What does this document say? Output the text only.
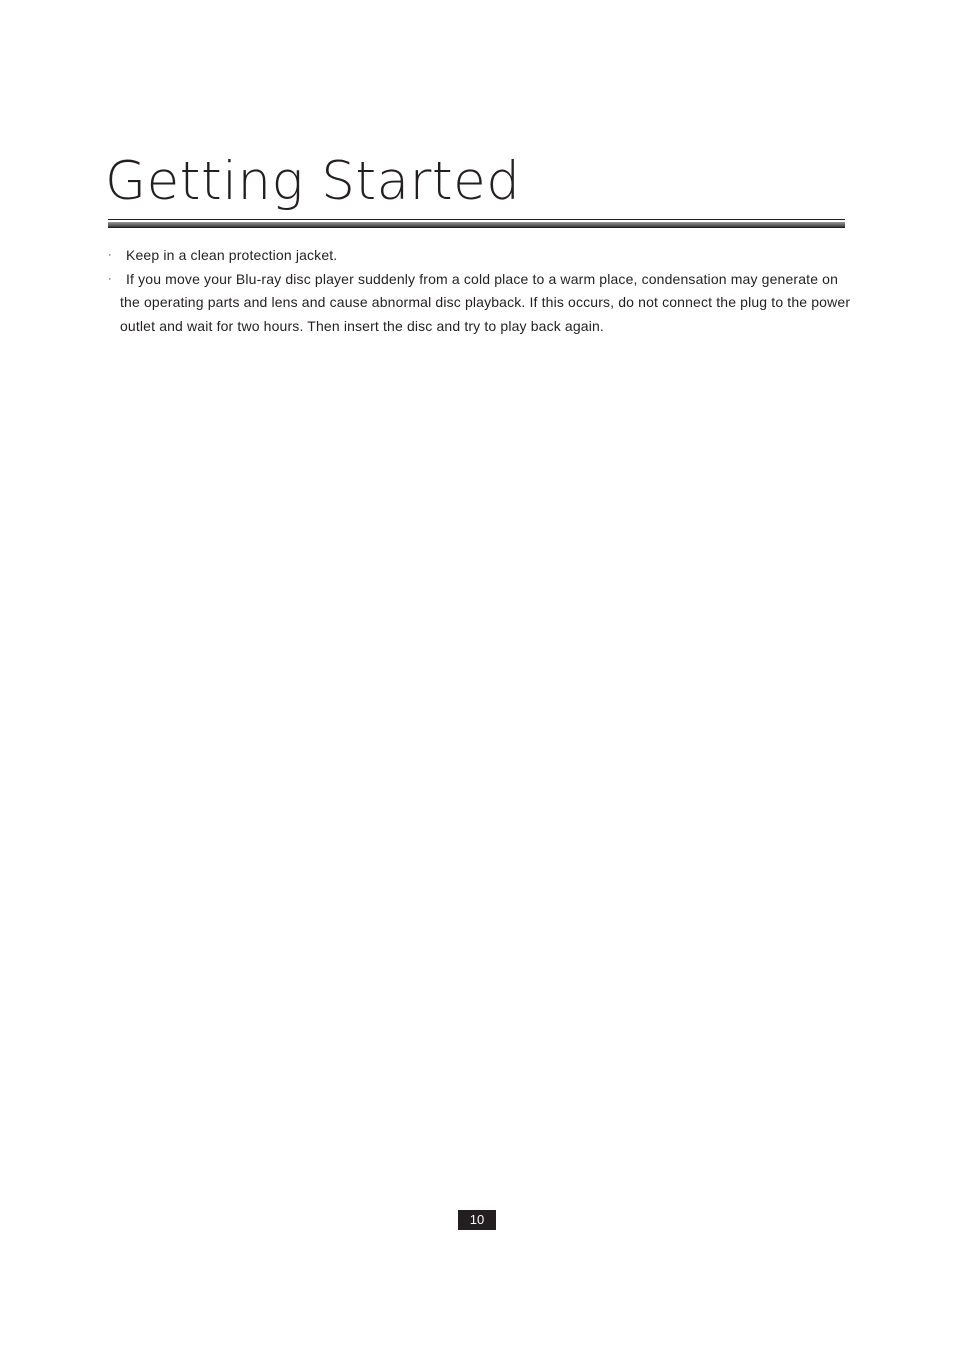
Getting Started
·	Keep in a clean protection jacket.
·	If you move your Blu-ray disc player suddenly from a cold place to a warm place, condensation may generate on the operating parts and lens and cause abnormal disc playback. If this occurs, do not connect the plug to the power outlet and wait for two hours. Then insert the disc and try to play back again.
10
